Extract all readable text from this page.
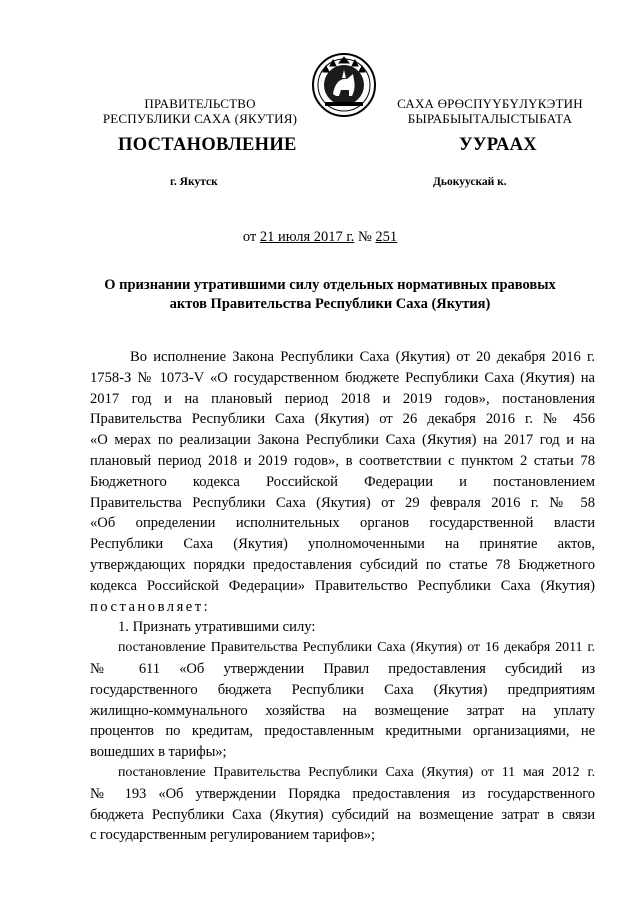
ПРАВИТЕЛЬСТВО
РЕСПУБЛИКИ САХА (ЯКУТИЯ)
САХА ӨРӨСПҮҮБҮЛҮКЭТИН
БЫРАБЫЫТАЛЫСТЫБАТА
ПОСТАНОВЛЕНИЕ	УУРААХ
г. Якутск	Дьокуускай к.
от 21 июля 2017 г. № 251
О признании утратившими силу отдельных нормативных правовых
актов Правительства Республики Саха (Якутия)
Во исполнение Закона Республики Саха (Якутия) от 20 декабря 2016 г.
1758-З № 1073-V «О государственном бюджете Республики Саха (Якутия) на
2017 год и на плановый период 2018 и 2019 годов», постановления
Правительства Республики Саха (Якутия) от 26 декабря 2016 г. № 456
«О мерах по реализации Закона Республики Саха (Якутия) на 2017 год и на
плановый период 2018 и 2019 годов», в соответствии с пунктом 2 статьи 78
Бюджетного кодекса Российской Федерации и постановлением
Правительства Республики Саха (Якутия) от 29 февраля 2016 г. № 58
«Об определении исполнительных органов государственной власти
Республики Саха (Якутия) уполномоченными на принятие актов,
утверждающих порядки предоставления субсидий по статье 78 Бюджетного
кодекса Российской Федерации» Правительство Республики Саха (Якутия)
постановляет:
1. Признать утратившими силу:
постановление Правительства Республики Саха (Якутия) от 16 декабря 2011 г.
№ 611 «Об утверждении Правил предоставления субсидий из
государственного бюджета Республики Саха (Якутия) предприятиям
жилищно-коммунального хозяйства на возмещение затрат на уплату
процентов по кредитам, предоставленным кредитными организациями, не
вошедших в тарифы»;
постановление Правительства Республики Саха (Якутия) от 11 мая 2012 г.
№ 193 «Об утверждении Порядка предоставления из государственного
бюджета Республики Саха (Якутия) субсидий на возмещение затрат в связи
с государственным регулированием тарифов»;
